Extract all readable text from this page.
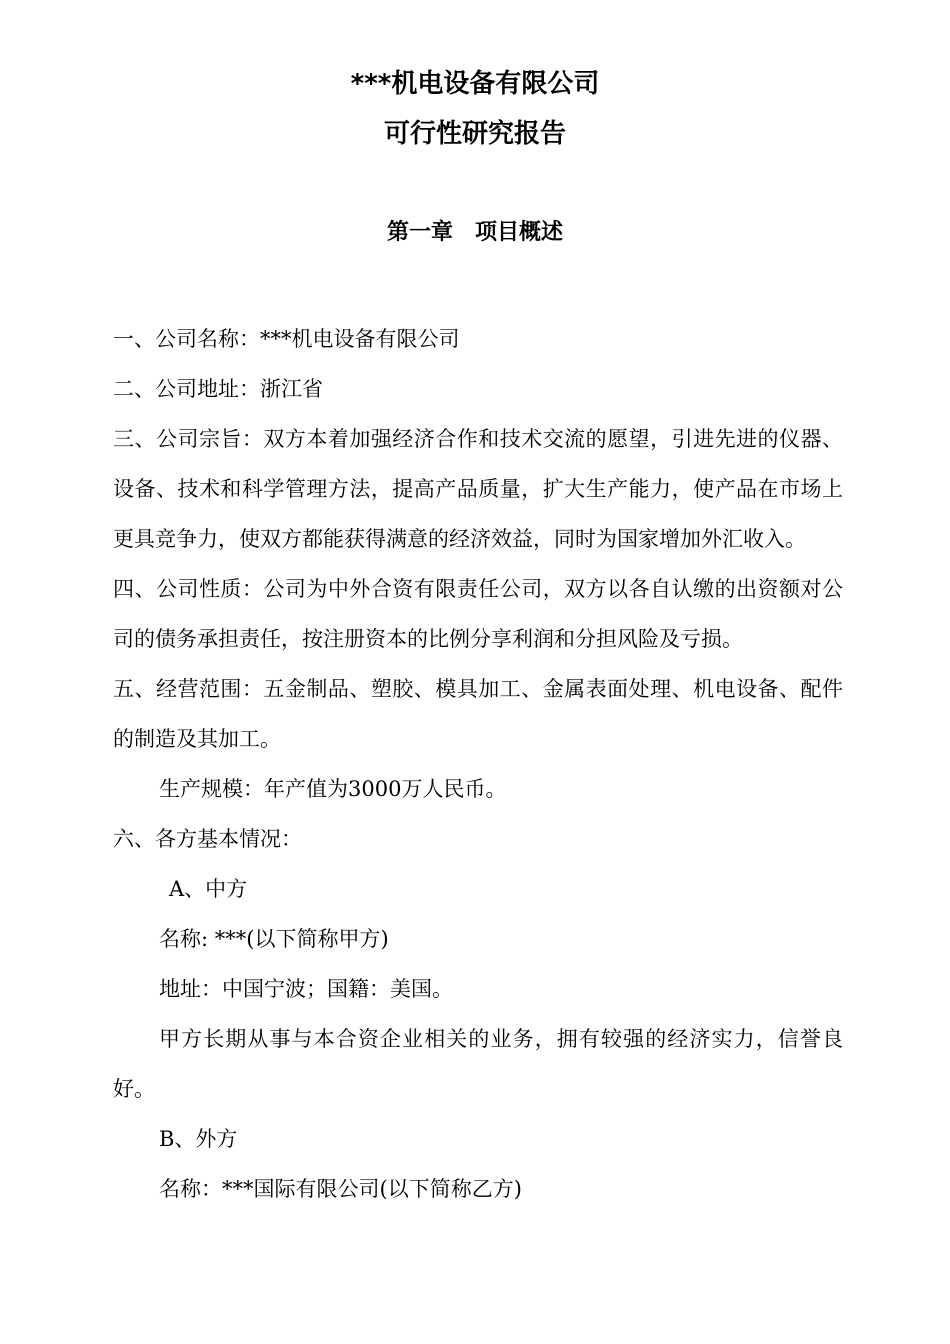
***机电设备有限公司
可行性研究报告
第一章　项目概述

一、公司名称：***机电设备有限公司

二、公司地址：浙江省

三、公司宗旨：双方本着加强经济合作和技术交流的愿望，引进先进的仪器、设备、技术和科学管理方法，提高产品质量，扩大生产能力，使产品在市场上更具竞争力，使双方都能获得满意的经济效益，同时为国家增加外汇收入。

四、公司性质：公司为中外合资有限责任公司，双方以各自认缴的出资额对公司的债务承担责任，按注册资本的比例分享利润和分担风险及亏损。

五、经营范围：五金制品、塑胶、模具加工、金属表面处理、机电设备、配件的制造及其加工。

生产规模：年产值为3000万人民币。

六、各方基本情况：

A、中方

名称: ***(以下简称甲方)

地址：中国宁波；国籍：美国。

甲方长期从事与本合资企业相关的业务，拥有较强的经济实力，信誉良好。

B、外方

名称：***国际有限公司(以下简称乙方)
